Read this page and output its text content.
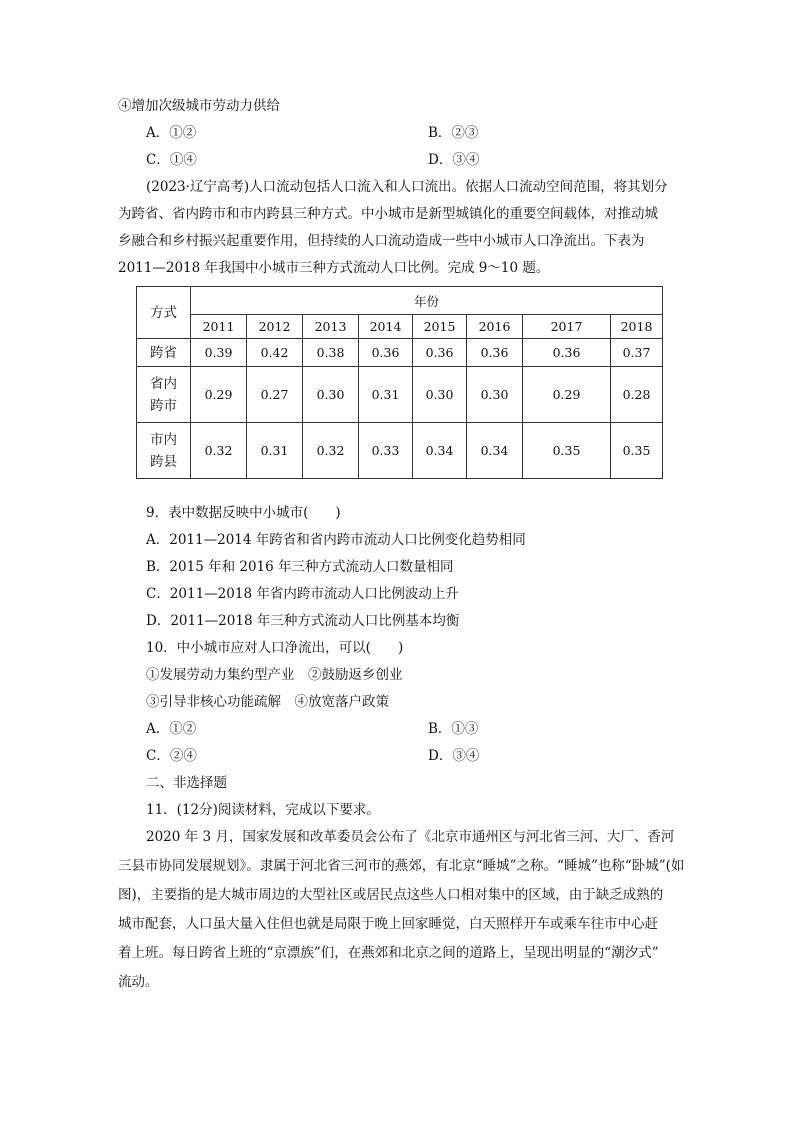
④增加次级城市劳动力供给
A．①②	B．②③
C．①④	D．③④
(2023·辽宁高考)人口流动包括人口流入和人口流出。依据人口流动空间范围，将其划分
为跨省、省内跨市和市内跨县三种方式。中小城市是新型城镇化的重要空间载体，对推动城
乡融合和乡村振兴起重要作用，但持续的人口流动造成一些中小城市人口净流出。下表为
2011—2018 年我国中小城市三种方式流动人口比例。完成 9～10 题。
方式	年份							
	2011	2012	2013	2014	2015	2016	2017	2018
跨省	0.39	0.42	0.38	0.36	0.36	0.36	0.36	0.37
省内
跨市	0.29	0.27	0.30	0.31	0.30	0.30	0.29	0.28
市内
跨县	0.32	0.31	0.32	0.33	0.34	0.34	0.35	0.35
9．表中数据反映中小城市(　　)
A．2011—2014 年跨省和省内跨市流动人口比例变化趋势相同
B．2015 年和 2016 年三种方式流动人口数量相同
C．2011—2018 年省内跨市流动人口比例波动上升
D．2011—2018 年三种方式流动人口比例基本均衡
10．中小城市应对人口净流出，可以(　　)
①发展劳动力集约型产业　②鼓励返乡创业
③引导非核心功能疏解　④放宽落户政策
A．①②	B．①③
C．②④	D．③④
二、非选择题
11．(12分)阅读材料，完成以下要求。
2020 年 3 月，国家发展和改革委员会公布了《北京市通州区与河北省三河、大厂、香河
三县市协同发展规划》。隶属于河北省三河市的燕郊，有北京“睡城”之称。“睡城”也称“卧城”(如
图)，主要指的是大城市周边的大型社区或居民点这些人口相对集中的区域，由于缺乏成熟的
城市配套，人口虽大量入住但也就是局限于晚上回家睡觉，白天照样开车或乘车往市中心赶
着上班。每日跨省上班的“京漂族”们，在燕郊和北京之间的道路上，呈现出明显的“潮汐式”
流动。
